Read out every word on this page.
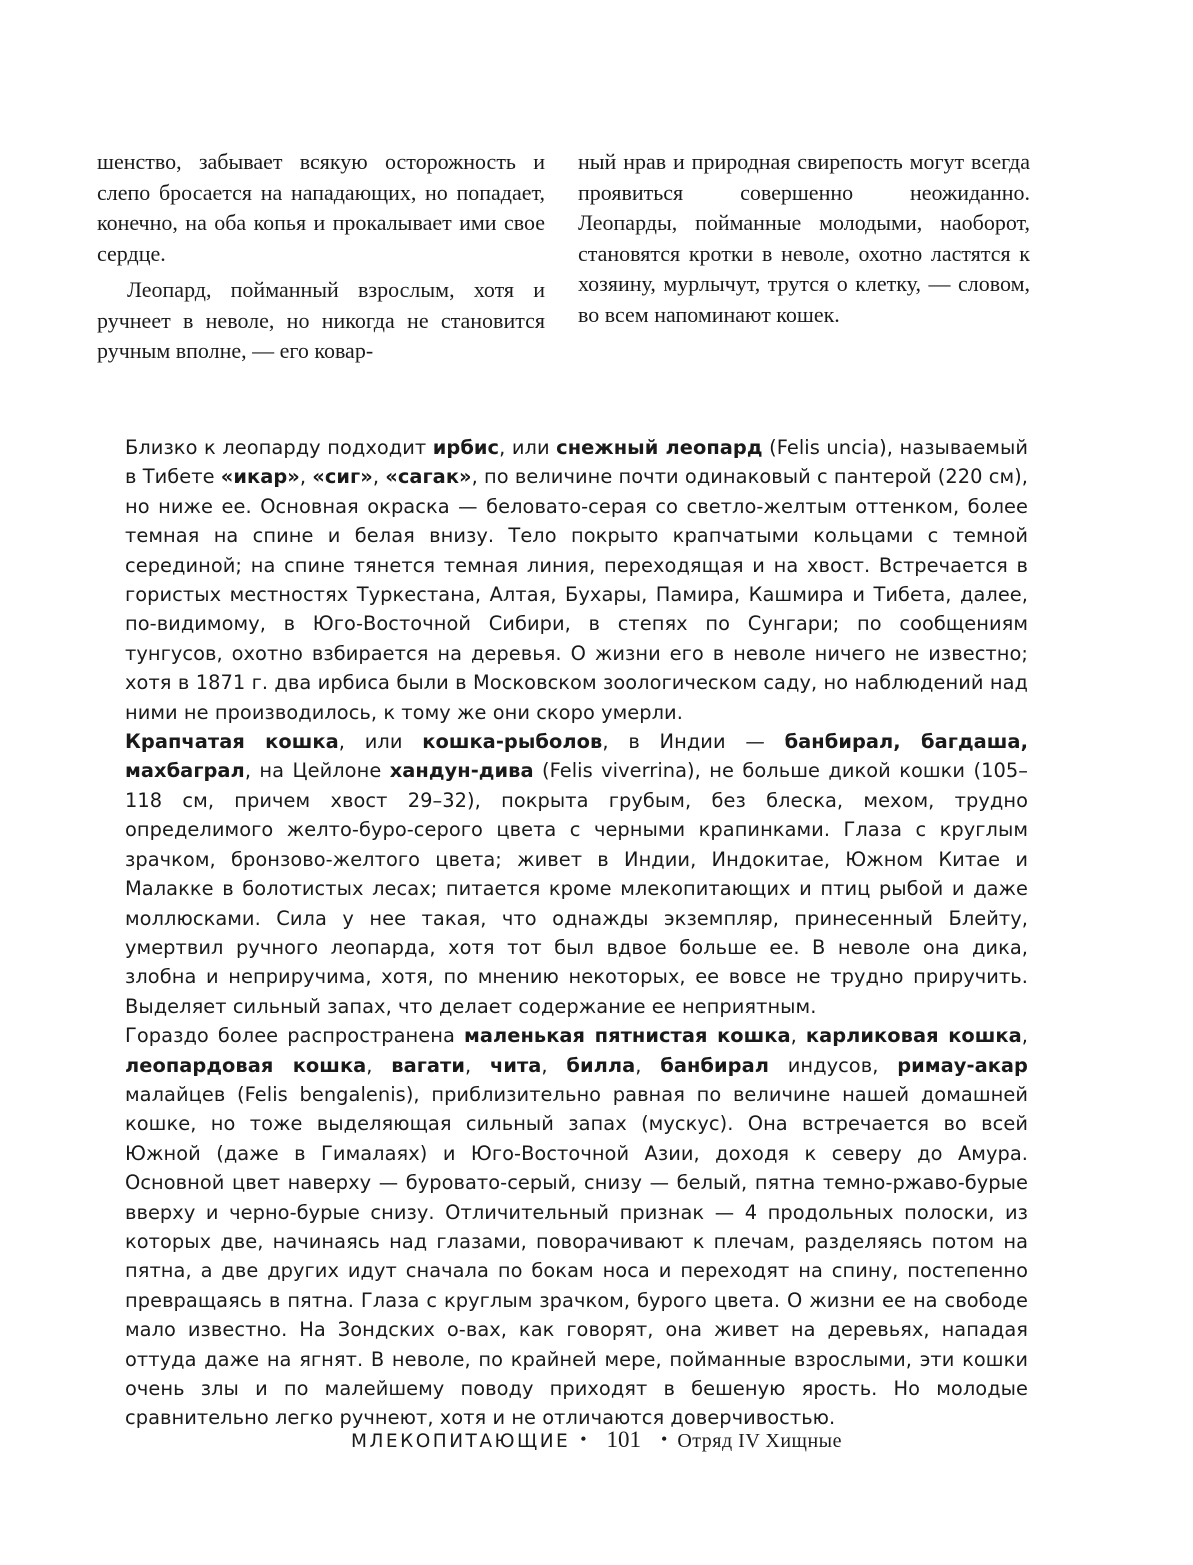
шенство, забывает всякую осторожность и слепо бросается на нападающих, но попадает, конечно, на оба копья и прокалывает ими свое сердце.

Леопард, пойманный взрослым, хотя и ручнеет в неволе, но никогда не становится ручным вполне, — его ковар-

ный нрав и природная свирепость могут всегда проявиться совершенно неожиданно. Леопарды, пойманные молодыми, наоборот, становятся кротки в неволе, охотно ластятся к хозяину, мурлычут, трутся о клетку, — словом, во всем напоминают кошек.

Близко к леопарду подходит ирбис, или снежный леопард (Felis uncia), называемый в Тибете «икар», «сиг», «сагак», по величине почти одинаковый с пантерой (220 см), но ниже ее. Основная окраска — беловато-серая со светло-желтым оттенком, более темная на спине и белая внизу. Тело покрыто крапчатыми кольцами с темной серединой; на спине тянется темная линия, переходящая и на хвост. Встречается в гористых местностях Туркестана, Алтая, Бухары, Памира, Кашмира и Тибета, далее, по-видимому, в Юго-Восточной Сибири, в степях по Сунгари; по сообщениям тунгусов, охотно взбирается на деревья. О жизни его в неволе ничего не известно; хотя в 1871 г. два ирбиса были в Московском зоологическом саду, но наблюдений над ними не производилось, к тому же они скоро умерли.

Крапчатая кошка, или кошка-рыболов, в Индии — банбирал, багдаша, махбаграл, на Цейлоне хандун-дива (Felis viverrina), не больше дикой кошки (105–118 см, причем хвост 29–32), покрыта грубым, без блеска, мехом, трудно определимого желто-буро-серого цвета с черными крапинками. Глаза с круглым зрачком, бронзово-желтого цвета; живет в Индии, Индокитае, Южном Китае и Малакке в болотистых лесах; питается кроме млекопитающих и птиц рыбой и даже моллюсками. Сила у нее такая, что однажды экземпляр, принесенный Блейту, умертвил ручного леопарда, хотя тот был вдвое больше ее. В неволе она дика, злобна и неприручима, хотя, по мнению некоторых, ее вовсе не трудно приручить. Выделяет сильный запах, что делает содержание ее неприятным.

Гораздо более распространена маленькая пятнистая кошка, карликовая кошка, леопардовая кошка, вагати, чита, билла, банбирал индусов, римау-акар малайцев (Felis bengalenis), приблизительно равная по величине нашей домашней кошке, но тоже выделяющая сильный запах (мускус). Она встречается во всей Южной (даже в Гималаях) и Юго-Восточной Азии, доходя к северу до Амура. Основной цвет наверху — буровато-серый, снизу — белый, пятна темно-ржаво-бурые вверху и черно-бурые снизу. Отличительный признак — 4 продольных полоски, из которых две, начинаясь над глазами, поворачивают к плечам, разделяясь потом на пятна, а две других идут сначала по бокам носа и переходят на спину, постепенно превращаясь в пятна. Глаза с круглым зрачком, бурого цвета. О жизни ее на свободе мало известно. На Зондских о-вах, как говорят, она живет на деревьях, нападая оттуда даже на ягнят. В неволе, по крайней мере, пойманные взрослыми, эти кошки очень злы и по малейшему поводу приходят в бешеную ярость. Но молодые сравнительно легко ручнеют, хотя и не отличаются доверчивостью.

МЛЕКОПИТАЮЩИЕ • 101 • Отряд IV Хищные
